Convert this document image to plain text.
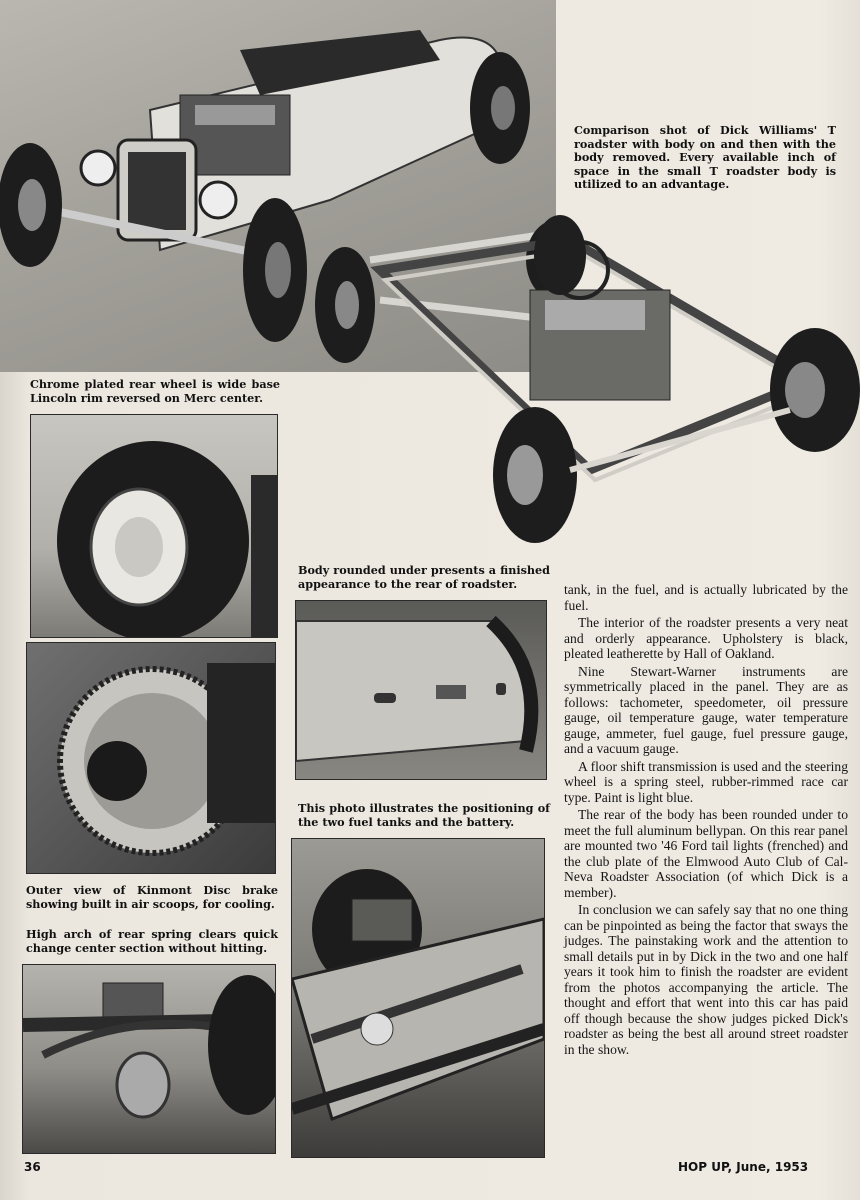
Comparison shot of Dick Williams' T roadster with body on and then with the body removed. Every available inch of space in the small T roadster body is utilized to an advantage.
Chrome plated rear wheel is wide base Lincoln rim reversed on Merc center.
Outer view of Kinmont Disc brake showing built in air scoops, for cooling.
High arch of rear spring clears quick change center section without hitting.
Body rounded under presents a finished appearance to the rear of roadster.
This photo illustrates the positioning of the two fuel tanks and the battery.

tank, in the fuel, and is actually lubricated by the fuel.

The interior of the roadster presents a very neat and orderly appearance. Upholstery is black, pleated leatherette by Hall of Oakland.

Nine Stewart-Warner instruments are symmetrically placed in the panel. They are as follows: tachometer, speedometer, oil pressure gauge, oil temperature gauge, water temperature gauge, ammeter, fuel gauge, fuel pressure gauge, and a vacuum gauge.

A floor shift transmission is used and the steering wheel is a spring steel, rubber-rimmed race car type. Paint is light blue.

The rear of the body has been rounded under to meet the full aluminum bellypan. On this rear panel are mounted two '46 Ford tail lights (frenched) and the club plate of the Elmwood Auto Club of Cal-Neva Roadster Association (of which Dick is a member).

In conclusion we can safely say that no one thing can be pinpointed as being the factor that sways the judges. The painstaking work and the attention to small details put in by Dick in the two and one half years it took him to finish the roadster are evident from the photos accompanying the article. The thought and effort that went into this car has paid off though because the show judges picked Dick's roadster as being the best all around street roadster in the show.

36	HOP UP, June, 1953
